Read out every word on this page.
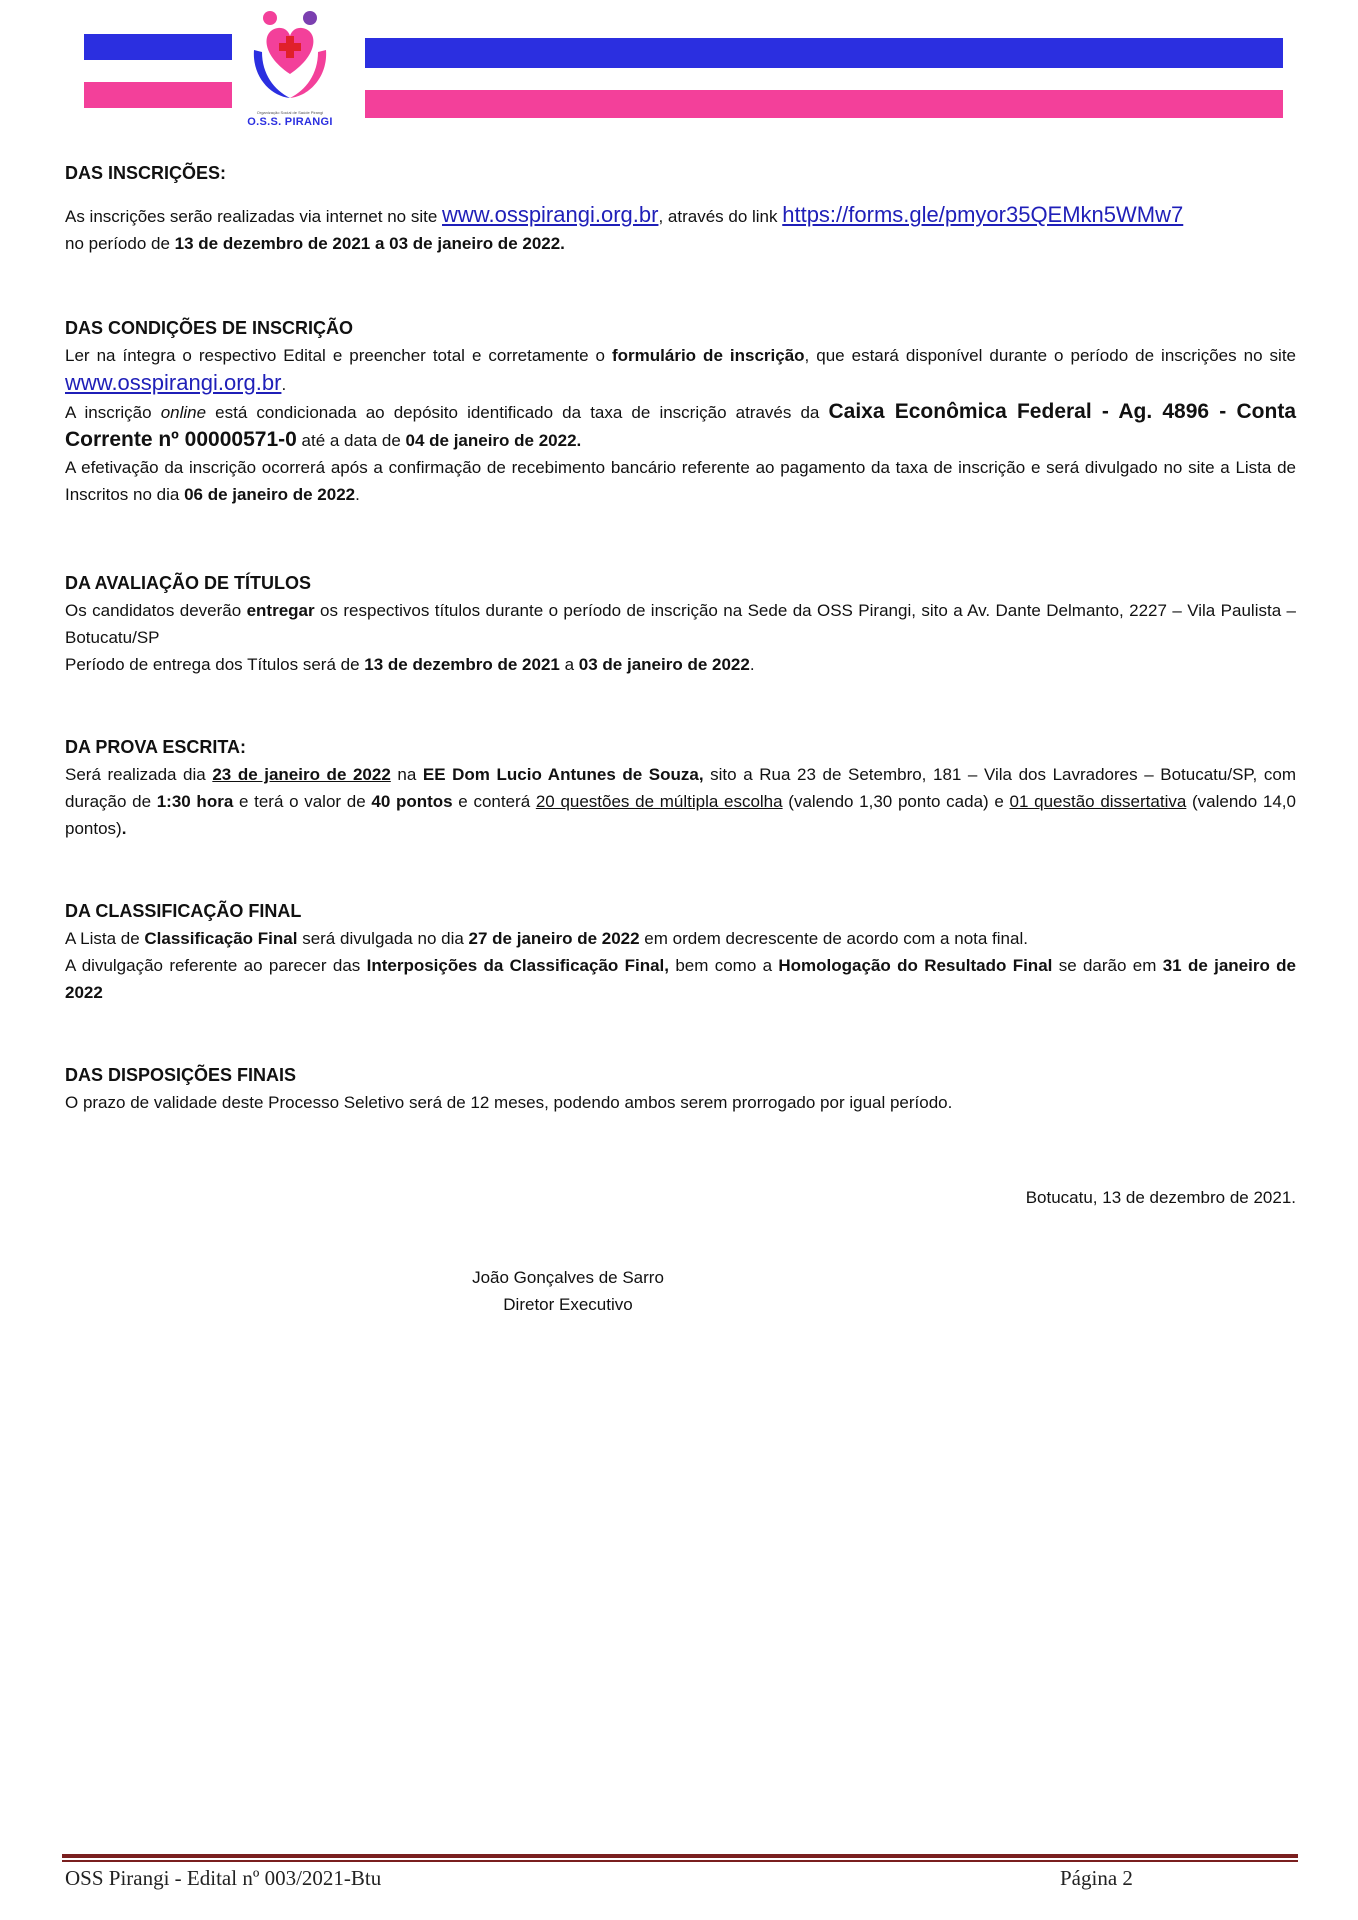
Organização Social de Saúde Pirangi
O.S.S. PIRANGI
DAS INSCRIÇÕES:

As inscrições serão realizadas via internet no site www.osspirangi.org.br, através do link https://forms.gle/pmyor35QEMkn5WMw7
no período de 13 de dezembro de 2021 a 03 de janeiro de 2022.

DAS CONDIÇÕES DE INSCRIÇÃO

Ler na íntegra o respectivo Edital e preencher total e corretamente o formulário de inscrição, que estará disponível durante o período de inscrições no site www.osspirangi.org.br.

A inscrição online está condicionada ao depósito identificado da taxa de inscrição através da Caixa Econômica Federal - Ag. 4896 - Conta Corrente nº 00000571-0 até a data de 04 de janeiro de 2022.

A efetivação da inscrição ocorrerá após a confirmação de recebimento bancário referente ao pagamento da taxa de inscrição e será divulgado no site a Lista de Inscritos no dia 06 de janeiro de 2022.

DA AVALIAÇÃO DE TÍTULOS

Os candidatos deverão entregar os respectivos títulos durante o período de inscrição na Sede da OSS Pirangi, sito a Av. Dante Delmanto, 2227 – Vila Paulista – Botucatu/SP

Período de entrega dos Títulos será de 13 de dezembro de 2021 a 03 de janeiro de 2022.

DA PROVA ESCRITA:

Será realizada dia 23 de janeiro de 2022 na EE Dom Lucio Antunes de Souza, sito a Rua 23 de Setembro, 181 – Vila dos Lavradores – Botucatu/SP, com duração de 1:30 hora e terá o valor de 40 pontos e conterá 20 questões de múltipla escolha (valendo 1,30 ponto cada) e 01 questão dissertativa (valendo 14,0 pontos).

DA CLASSIFICAÇÃO FINAL

A Lista de Classificação Final será divulgada no dia 27 de janeiro de 2022 em ordem decrescente de acordo com a nota final.

A divulgação referente ao parecer das Interposições da Classificação Final, bem como a Homologação do Resultado Final se darão em 31 de janeiro de 2022

DAS DISPOSIÇÕES FINAIS

O prazo de validade deste Processo Seletivo será de 12 meses, podendo ambos serem prorrogado por igual período.

Botucatu, 13 de dezembro de 2021.
João Gonçalves de Sarro
Diretor Executivo
OSS Pirangi - Edital nº 003/2021-Btu	Página 2
